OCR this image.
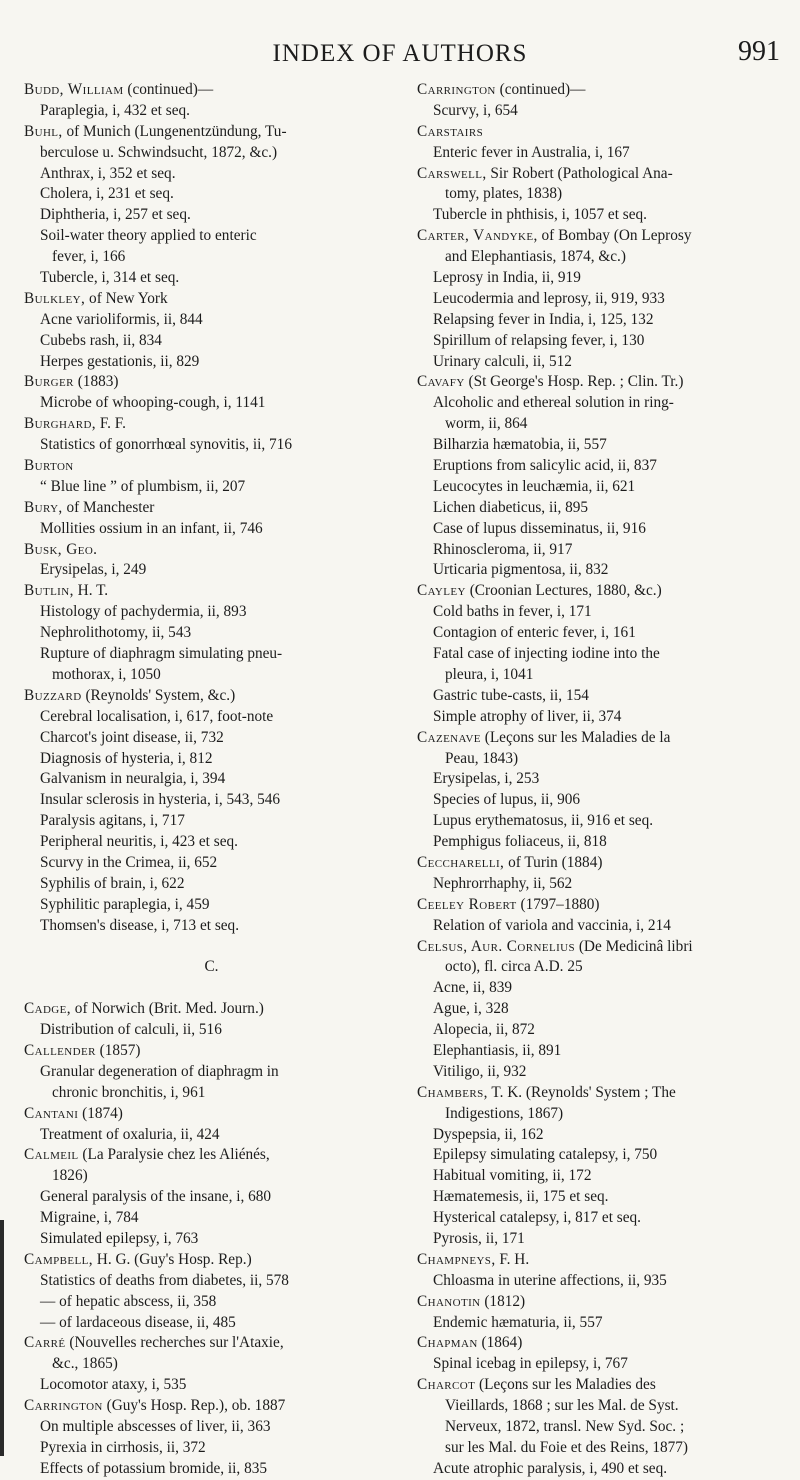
INDEX OF AUTHORS	991
Budd, William (continued)—
Paraplegia, i, 432 et seq.
Buhl, of Munich (Lungenentzündung, Tu-
berculose u. Schwindsucht, 1872, &c.)
Anthrax, i, 352 et seq.
Cholera, i, 231 et seq.
Diphtheria, i, 257 et seq.
Soil-water theory applied to enteric
fever, i, 166
Tubercle, i, 314 et seq.
Bulkley, of New York
Acne varioliformis, ii, 844
Cubebs rash, ii, 834
Herpes gestationis, ii, 829
Burger (1883)
Microbe of whooping-cough, i, 1141
Burghard, F. F.
Statistics of gonorrhœal synovitis, ii, 716
Burton
“ Blue line ” of plumbism, ii, 207
Bury, of Manchester
Mollities ossium in an infant, ii, 746
Busk, Geo.
Erysipelas, i, 249
Butlin, H. T.
Histology of pachydermia, ii, 893
Nephrolithotomy, ii, 543
Rupture of diaphragm simulating pneu-
mothorax, i, 1050
Buzzard (Reynolds' System, &c.)
Cerebral localisation, i, 617, foot-note
Charcot's joint disease, ii, 732
Diagnosis of hysteria, i, 812
Galvanism in neuralgia, i, 394
Insular sclerosis in hysteria, i, 543, 546
Paralysis agitans, i, 717
Peripheral neuritis, i, 423 et seq.
Scurvy in the Crimea, ii, 652
Syphilis of brain, i, 622
Syphilitic paraplegia, i, 459
Thomsen's disease, i, 713 et seq.
C.
Cadge, of Norwich (Brit. Med. Journ.)
Distribution of calculi, ii, 516
Callender (1857)
Granular degeneration of diaphragm in
chronic bronchitis, i, 961
Cantani (1874)
Treatment of oxaluria, ii, 424
Calmeil (La Paralysie chez les Aliénés,
1826)
General paralysis of the insane, i, 680
Migraine, i, 784
Simulated epilepsy, i, 763
Campbell, H. G. (Guy's Hosp. Rep.)
Statistics of deaths from diabetes, ii, 578
— of hepatic abscess, ii, 358
— of lardaceous disease, ii, 485
Carré (Nouvelles recherches sur l'Ataxie,
&c., 1865)
Locomotor ataxy, i, 535
Carrington (Guy's Hosp. Rep.), ob. 1887
On multiple abscesses of liver, ii, 363
Pyrexia in cirrhosis, ii, 372
Effects of potassium bromide, ii, 835
Carrington (continued)—
Scurvy, i, 654
Carstairs
Enteric fever in Australia, i, 167
Carswell, Sir Robert (Pathological Ana-
tomy, plates, 1838)
Tubercle in phthisis, i, 1057 et seq.
Carter, Vandyke, of Bombay (On Leprosy
and Elephantiasis, 1874, &c.)
Leprosy in India, ii, 919
Leucodermia and leprosy, ii, 919, 933
Relapsing fever in India, i, 125, 132
Spirillum of relapsing fever, i, 130
Urinary calculi, ii, 512
Cavafy (St George's Hosp. Rep. ; Clin. Tr.)
Alcoholic and ethereal solution in ring-
worm, ii, 864
Bilharzia hæmatobia, ii, 557
Eruptions from salicylic acid, ii, 837
Leucocytes in leuchæmia, ii, 621
Lichen diabeticus, ii, 895
Case of lupus disseminatus, ii, 916
Rhinoscleroma, ii, 917
Urticaria pigmentosa, ii, 832
Cayley (Croonian Lectures, 1880, &c.)
Cold baths in fever, i, 171
Contagion of enteric fever, i, 161
Fatal case of injecting iodine into the
pleura, i, 1041
Gastric tube-casts, ii, 154
Simple atrophy of liver, ii, 374
Cazenave (Leçons sur les Maladies de la
Peau, 1843)
Erysipelas, i, 253
Species of lupus, ii, 906
Lupus erythematosus, ii, 916 et seq.
Pemphigus foliaceus, ii, 818
Ceccharelli, of Turin (1884)
Nephrorrhaphy, ii, 562
Ceeley Robert (1797–1880)
Relation of variola and vaccinia, i, 214
Celsus, Aur. Cornelius (De Medicinâ libri
octo), fl. circa A.D. 25
Acne, ii, 839
Ague, i, 328
Alopecia, ii, 872
Elephantiasis, ii, 891
Vitiligo, ii, 932
Chambers, T. K. (Reynolds' System ; The
Indigestions, 1867)
Dyspepsia, ii, 162
Epilepsy simulating catalepsy, i, 750
Habitual vomiting, ii, 172
Hæmatemesis, ii, 175 et seq.
Hysterical catalepsy, i, 817 et seq.
Pyrosis, ii, 171
Champneys, F. H.
Chloasma in uterine affections, ii, 935
Chanotin (1812)
Endemic hæmaturia, ii, 557
Chapman (1864)
Spinal icebag in epilepsy, i, 767
Charcot (Leçons sur les Maladies des
Vieillards, 1868 ; sur les Mal. de Syst.
Nerveux, 1872, transl. New Syd. Soc. ;
sur les Mal. du Foie et des Reins, 1877)
Acute atrophic paralysis, i, 490 et seq.
